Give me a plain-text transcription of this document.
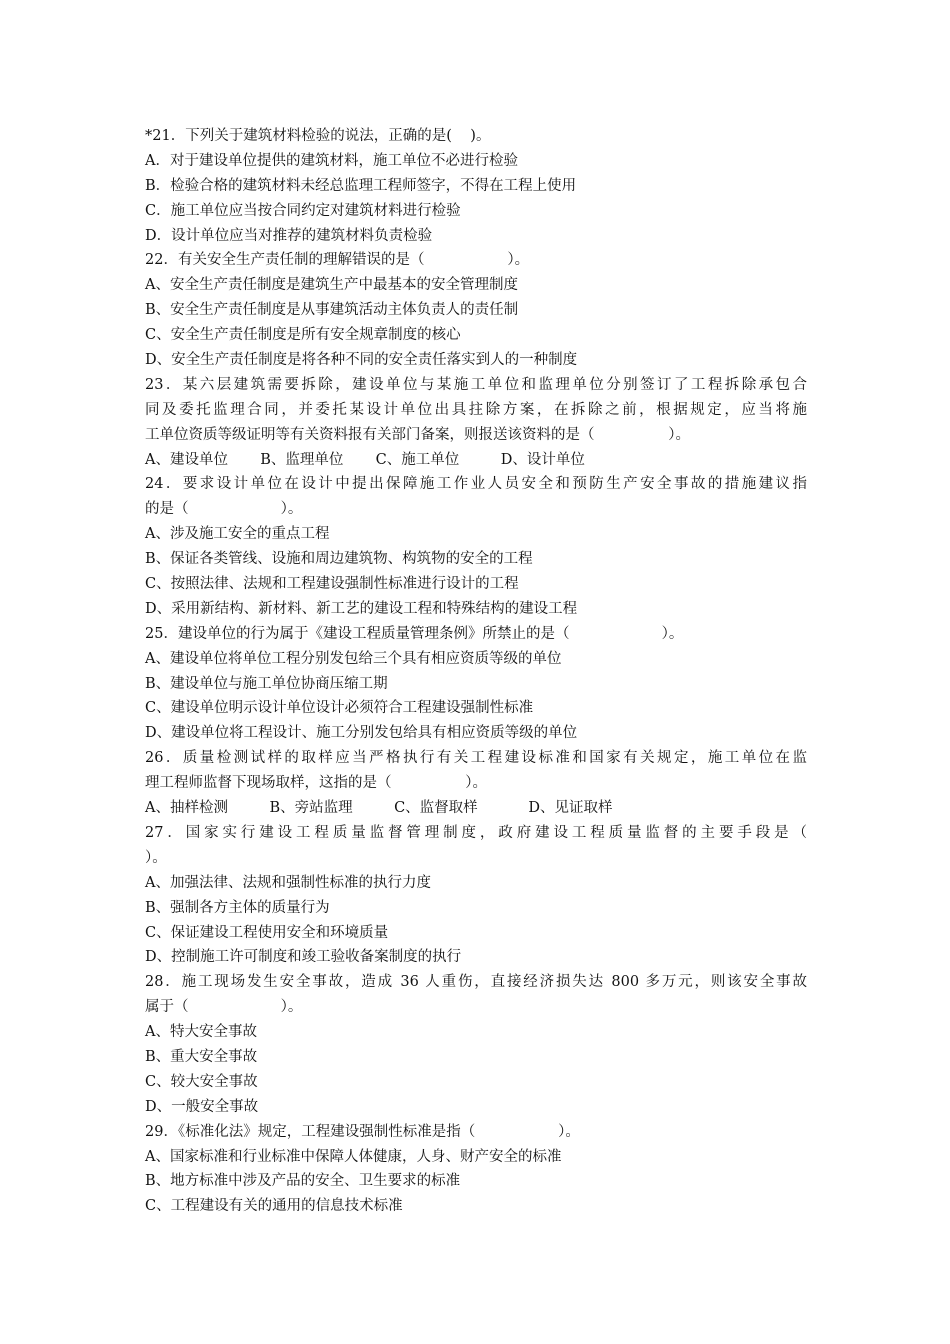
*21．下列关于建筑材料检验的说法，正确的是(    )。
A．对于建设单位提供的建筑材料，施工单位不必进行检验
B．检验合格的建筑材料未经总监理工程师签字，不得在工程上使用
C．施工单位应当按合同约定对建筑材料进行检验
D．设计单位应当对推荐的建筑材料负责检验
22．有关安全生产责任制的理解错误的是（                  ）。
A、安全生产责任制度是建筑生产中最基本的安全管理制度
B、安全生产责任制度是从事建筑活动主体负责人的责任制
C、安全生产责任制度是所有安全规章制度的核心
D、安全生产责任制度是将各种不同的安全责任落实到人的一种制度
23．某六层建筑需要拆除，建设单位与某施工单位和监理单位分别签订了工程拆除承包合
同及委托监理合同，并委托某设计单位出具拄除方案，在拆除之前，根据规定，应当将施
工单位资质等级证明等有关资料报有关部门备案，则报送该资料的是（                ）。
A、建设单位       B、监理单位       C、施工单位         D、设计单位
24．要求设计单位在设计中提出保障施工作业人员安全和预防生产安全事故的措施建议指
的是（                    ）。
A、涉及施工安全的重点工程
B、保证各类管线、设施和周边建筑物、构筑物的安全的工程
C、按照法律、法规和工程建设强制性标准进行设计的工程
D、采用新结构、新材料、新工艺的建设工程和特殊结构的建设工程
25．建设单位的行为属于《建设工程质量管理条例》所禁止的是（                    ）。
A、建设单位将单位工程分别发包给三个具有相应资质等级的单位
B、建设单位与施工单位协商压缩工期
C、建设单位明示设计单位设计必须符合工程建设强制性标准
D、建设单位将工程设计、施工分别发包给具有相应资质等级的单位
26．质量检测试样的取样应当严格执行有关工程建设标准和国家有关规定，施工单位在监
理工程师监督下现场取样，这指的是（                ）。
A、抽样检测         B、旁站监理         C、监督取样           D、见证取样
27．国家实行建设工程质量监督管理制度，政府建设工程质量监督的主要手段是（
）。
A、加强法律、法规和强制性标准的执行力度
B、强制各方主体的质量行为
C、保证建设工程使用安全和环境质量
D、控制施工许可制度和竣工验收备案制度的执行
28．施工现场发生安全事故，造成 36 人重伤，直接经济损失达 800 多万元，则该安全事故
属于（                    ）。
A、特大安全事故
B、重大安全事故
C、较大安全事故
D、一般安全事故
29．《标准化法》规定，工程建设强制性标准是指（                  ）。
A、国家标准和行业标准中保障人体健康，人身、财产安全的标准
B、地方标准中涉及产品的安全、卫生要求的标准
C、工程建设有关的通用的信息技术标准
